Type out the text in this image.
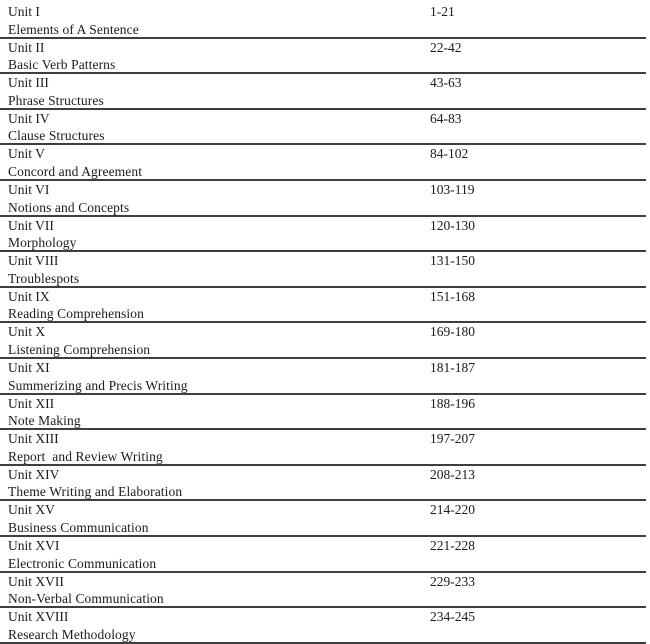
Unit I	1-21
Elements of A Sentence
Unit II	22-42
Basic Verb Patterns
Unit III	43-63
Phrase Structures
Unit IV	64-83
Clause Structures
Unit V	84-102
Concord and Agreement
Unit VI	103-119
Notions and Concepts
Unit VII	120-130
Morphology
Unit VIII	131-150
Troublespots
Unit IX	151-168
Reading Comprehension
Unit X	169-180
Listening Comprehension
Unit XI	181-187
Summerizing and Precis Writing
Unit XII	188-196
Note Making
Unit XIII	197-207
Report  and Review Writing
Unit XIV	208-213
Theme Writing and Elaboration
Unit XV	214-220
Business Communication
Unit XVI	221-228
Electronic Communication
Unit XVII	229-233
Non-Verbal Communication
Unit XVIII	234-245
Research Methodology
